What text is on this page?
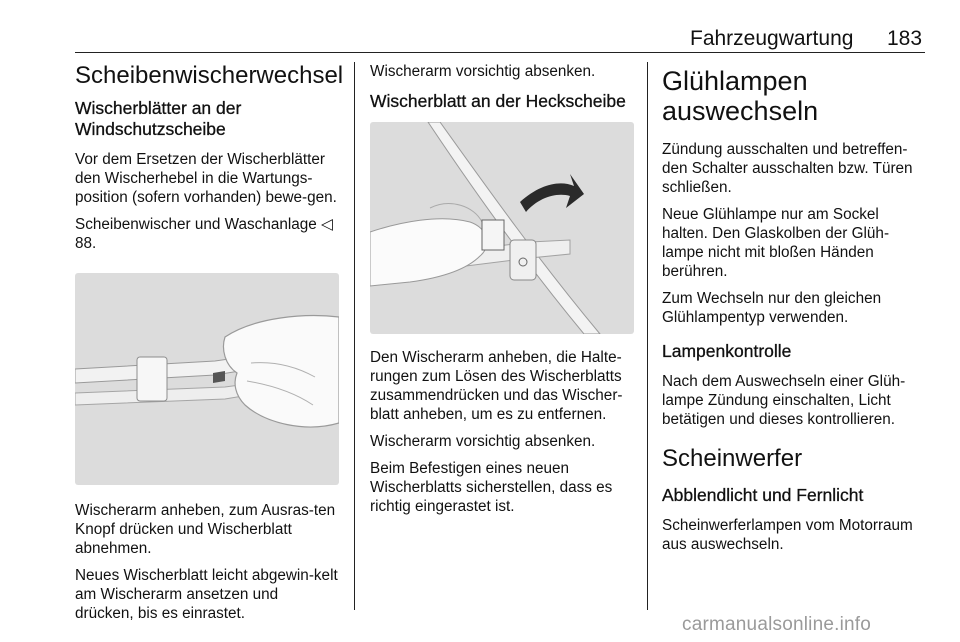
Fahrzeugwartung 183
Scheibenwischerwechsel
Wischerblätter an der Windschutzscheibe
Vor dem Ersetzen der Wischerblätter den Wischerhebel in die Wartungs-position (sofern vorhanden) bewe-gen.
Scheibenwischer und Waschanlage ◁ 88.
Wischerarm anheben, zum Ausras-ten Knopf drücken und Wischerblatt abnehmen.
Neues Wischerblatt leicht abgewin-kelt am Wischerarm ansetzen und drücken, bis es einrastet.
Wischerarm vorsichtig absenken.
Wischerblatt an der Heckscheibe
Den Wischerarm anheben, die Halte-rungen zum Lösen des Wischerblatts zusammendrücken und das Wischer-blatt anheben, um es zu entfernen.
Wischerarm vorsichtig absenken.
Beim Befestigen eines neuen Wischerblatts sicherstellen, dass es richtig eingerastet ist.
Glühlampen auswechseln
Zündung ausschalten und betreffen-den Schalter ausschalten bzw. Türen schließen.
Neue Glühlampe nur am Sockel halten. Den Glaskolben der Glüh-lampe nicht mit bloßen Händen berühren.
Zum Wechseln nur den gleichen Glühlampentyp verwenden.
Lampenkontrolle
Nach dem Auswechseln einer Glüh-lampe Zündung einschalten, Licht betätigen und dieses kontrollieren.
Scheinwerfer
Abblendlicht und Fernlicht
Scheinwerferlampen vom Motorraum aus auswechseln.
carmanualsonline.info
